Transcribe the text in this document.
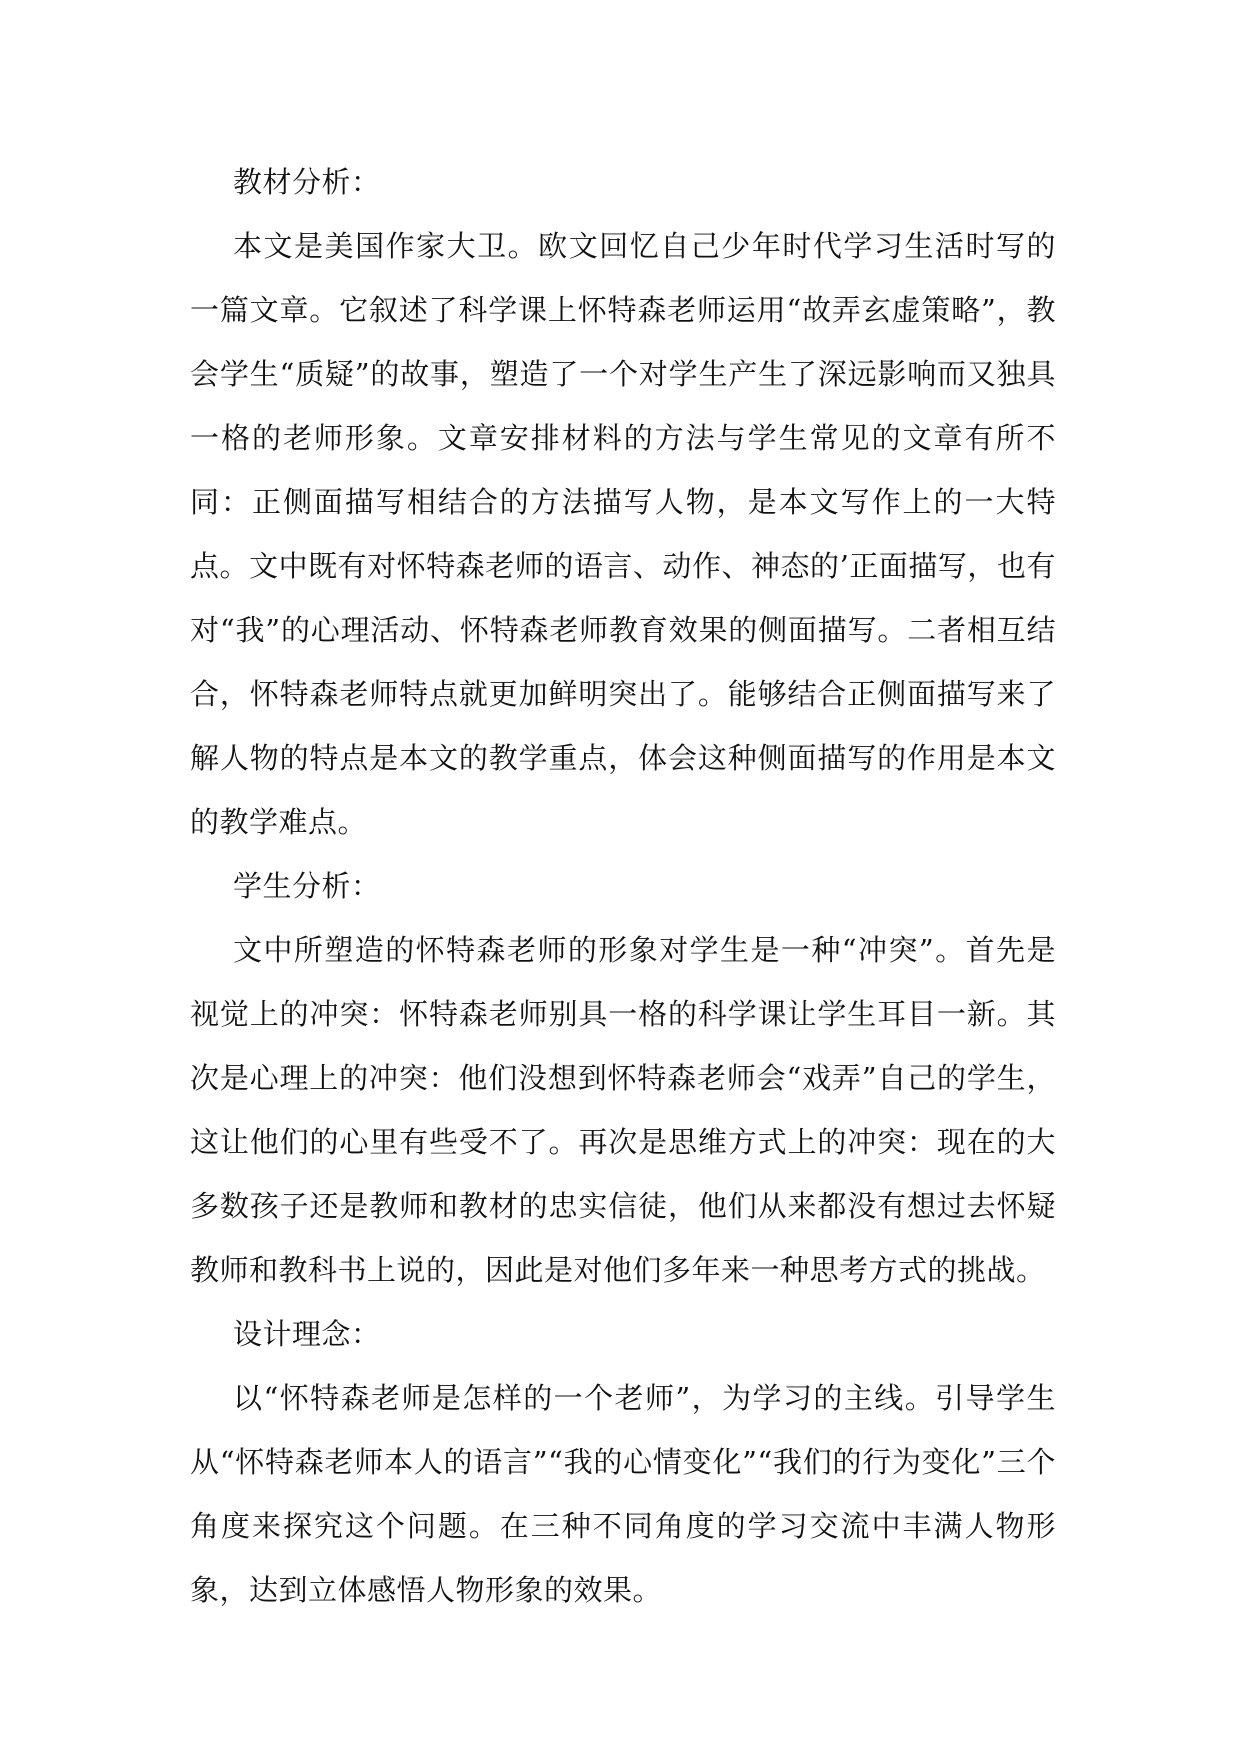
教材分析：

本文是美国作家大卫。欧文回忆自己少年时代学习生活时写的一篇文章。它叙述了科学课上怀特森老师运用“故弄玄虚策略”，教会学生“质疑”的故事，塑造了一个对学生产生了深远影响而又独具一格的老师形象。文章安排材料的方法与学生常见的文章有所不同：正侧面描写相结合的方法描写人物，是本文写作上的一大特点。文中既有对怀特森老师的语言、动作、神态的’正面描写，也有对“我”的心理活动、怀特森老师教育效果的侧面描写。二者相互结合，怀特森老师特点就更加鲜明突出了。能够结合正侧面描写来了解人物的特点是本文的教学重点，体会这种侧面描写的作用是本文的教学难点。

学生分析：

文中所塑造的怀特森老师的形象对学生是一种“冲突”。首先是视觉上的冲突：怀特森老师别具一格的科学课让学生耳目一新。其次是心理上的冲突：他们没想到怀特森老师会“戏弄”自己的学生，这让他们的心里有些受不了。再次是思维方式上的冲突：现在的大多数孩子还是教师和教材的忠实信徒，他们从来都没有想过去怀疑教师和教科书上说的，因此是对他们多年来一种思考方式的挑战。

设计理念：

以“怀特森老师是怎样的一个老师”，为学习的主线。引导学生从“怀特森老师本人的语言”“我的心情变化”“我们的行为变化”三个角度来探究这个问题。在三种不同角度的学习交流中丰满人物形象，达到立体感悟人物形象的效果。
